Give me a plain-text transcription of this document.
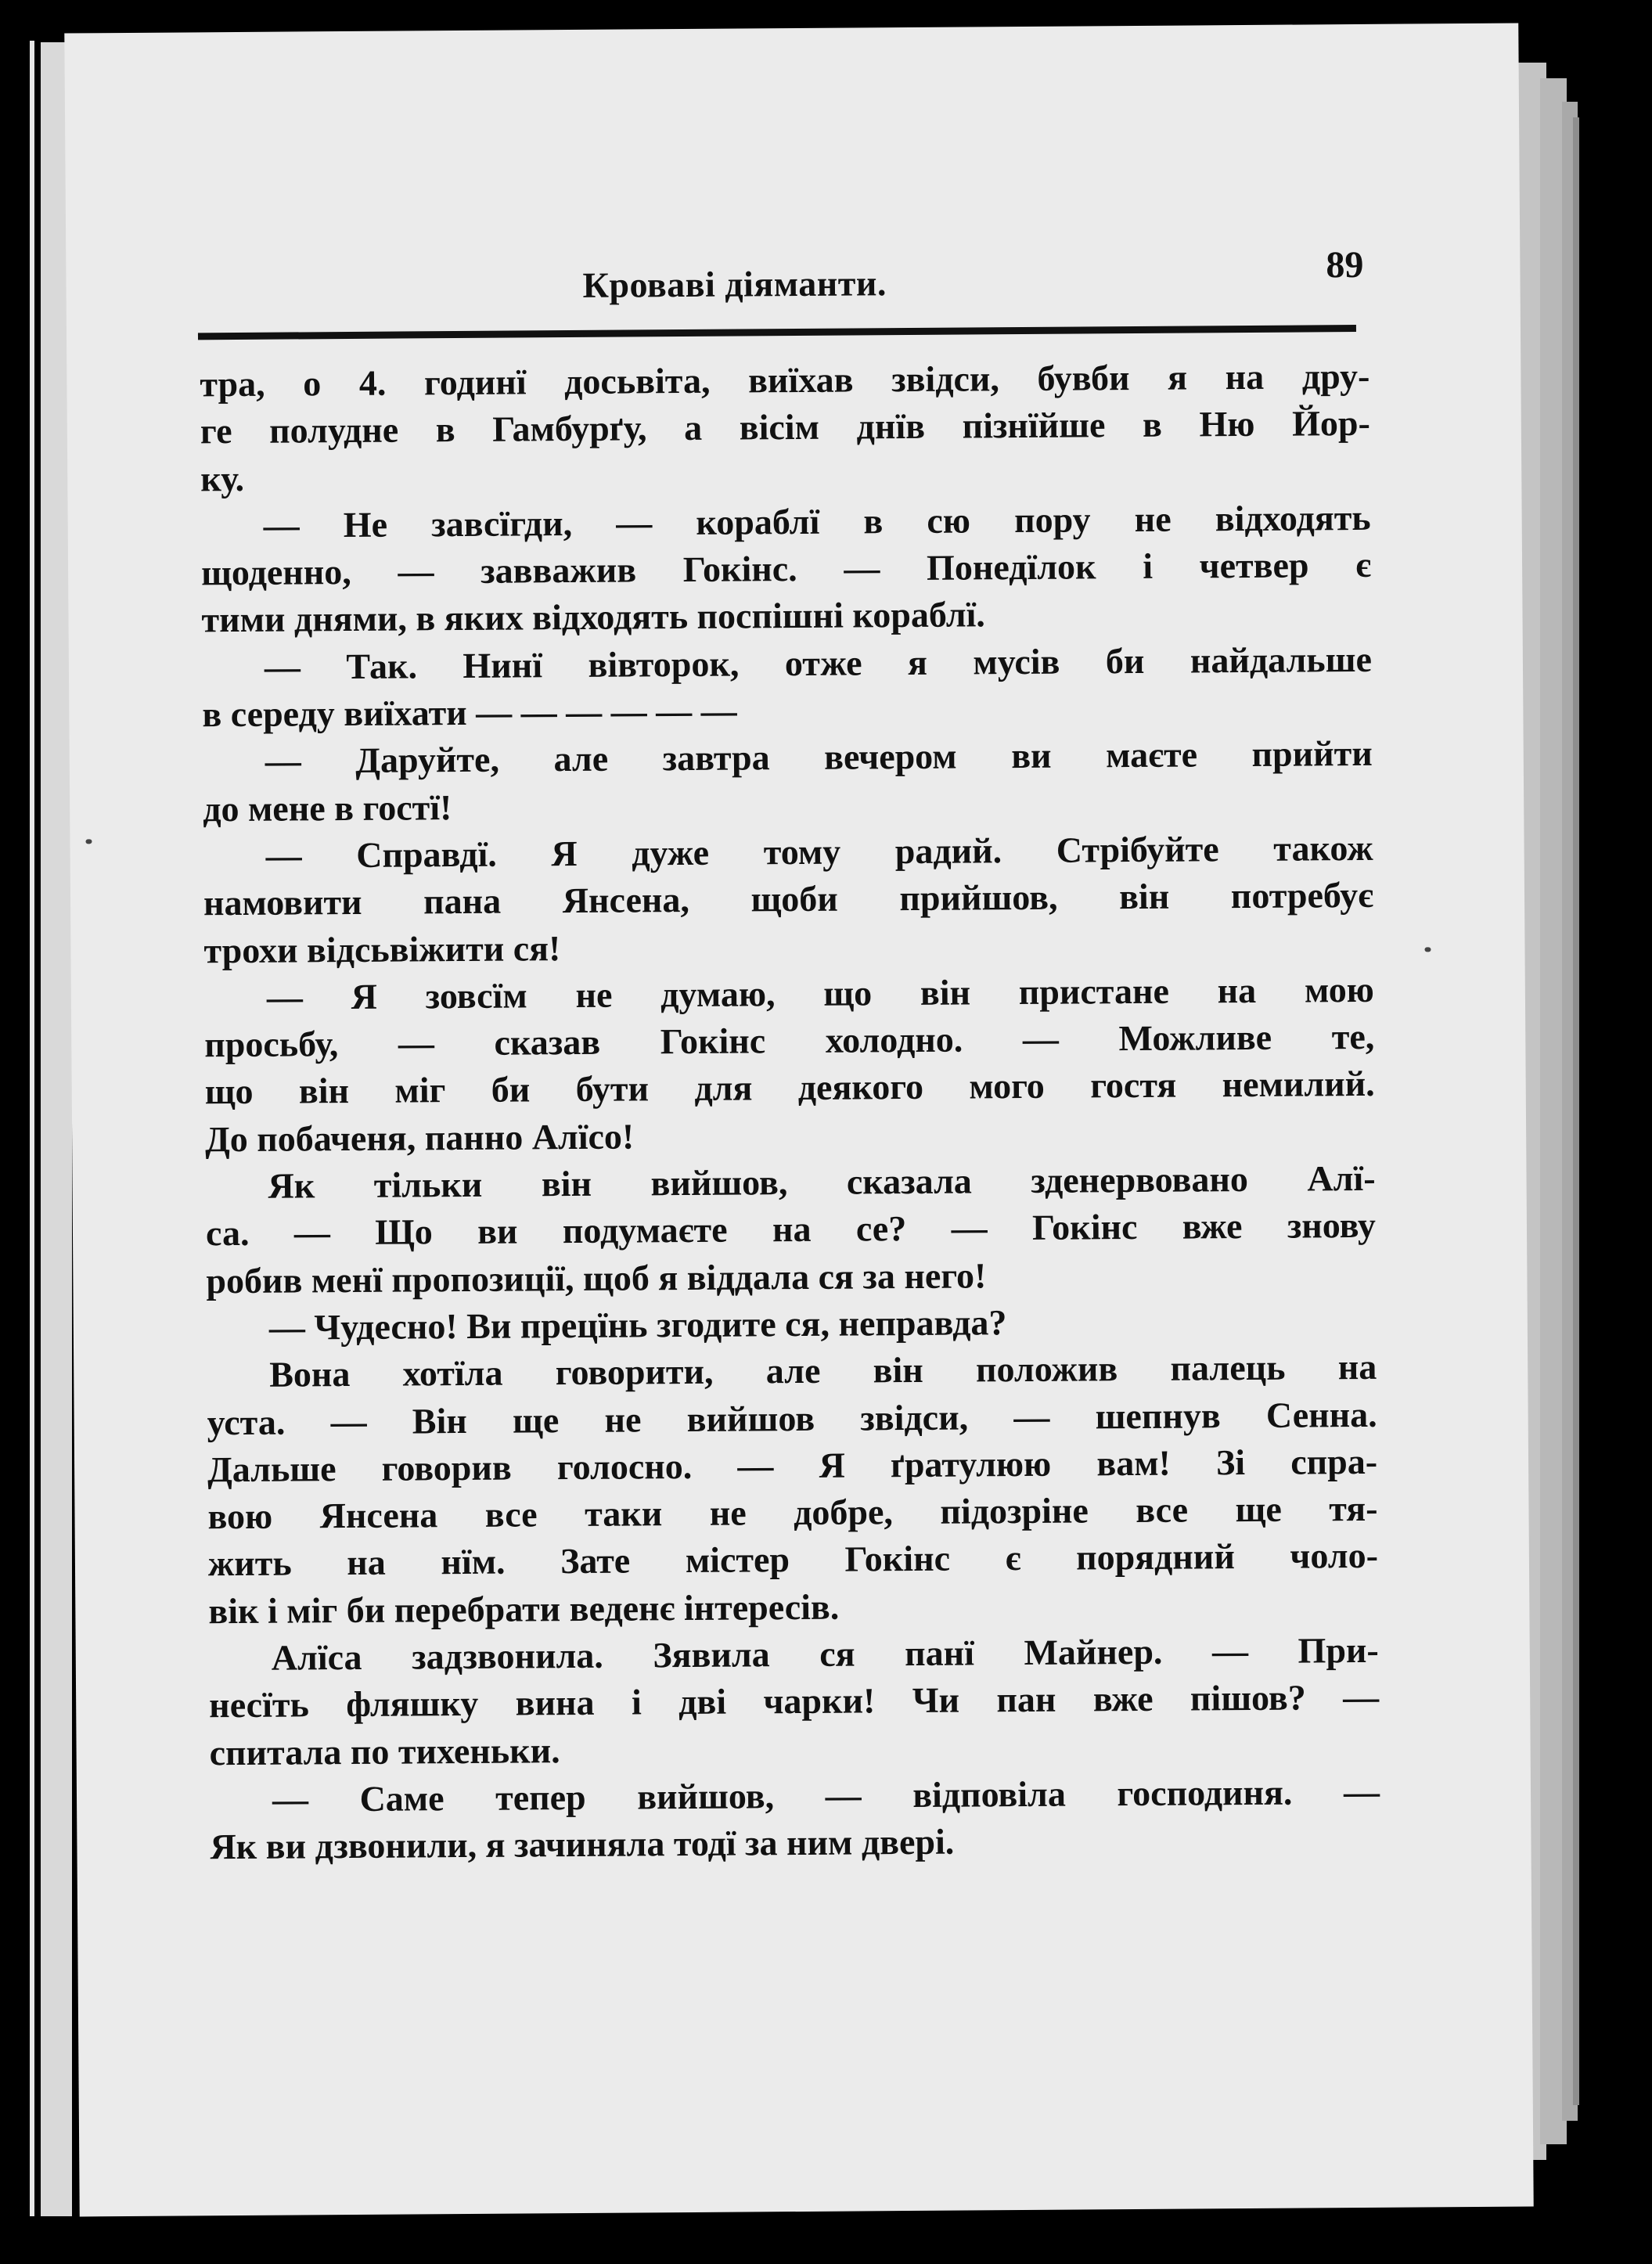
Кроваві діяманти.	89
тра, о 4. годинї досьвіта, виїхав звідси, бувби я на дру-
ге полудне в Гамбурґу, а вісім днїв пізнїйше в Ню Йор-
ку.
— Не завсїгди, — кораблї в сю пору не відходять
щоденно, — завважив Гокінс. — Понедїлок і четвер є
тими днями, в яких відходять поспішні кораблї.
— Так. Нинї вівторок, отже я мусів би найдальше
в середу виїхати — — — — — —
— Даруйте, але завтра вечером ви маєте прийти
до мене в гостї!
— Справдї. Я дуже тому радий. Стрібуйте також
намовити пана Янсена, щоби прийшов, він потребує
трохи відсьвіжити ся!
— Я зовсїм не думаю, що він пристане на мою
просьбу, — сказав Гокінс холодно. — Можливе те,
що він міг би бути для деякого мого гостя немилий.
До побаченя, панно Алїсо!
Як тільки він вийшов, сказала зденервовано Алї-
са. — Що ви подумаєте на се? — Гокінс вже знову
робив менї пропозиції, щоб я віддала ся за него!
— Чудесно! Ви прецїнь згодите ся, неправда?
Вона хотїла говорити, але він положив палець на
уста. — Він ще не вийшов звідси, — шепнув Сенна.
Дальше говорив голосно. — Я ґратулюю вам! Зі спра-
вою Янсена все таки не добре, підозріне все ще тя-
жить на нїм. Зате містер Гокінс є порядний чоло-
вік і міг би перебрати веденє інтересів.
Алїса задзвонила. Зявила ся панї Майнер. — При-
несїть фляшку вина і дві чарки! Чи пан вже пішов? —
спитала по тихеньки.
— Саме тепер вийшов, — відповіла господиня. —
Як ви дзвонили, я зачиняла тодї за ним двері.
